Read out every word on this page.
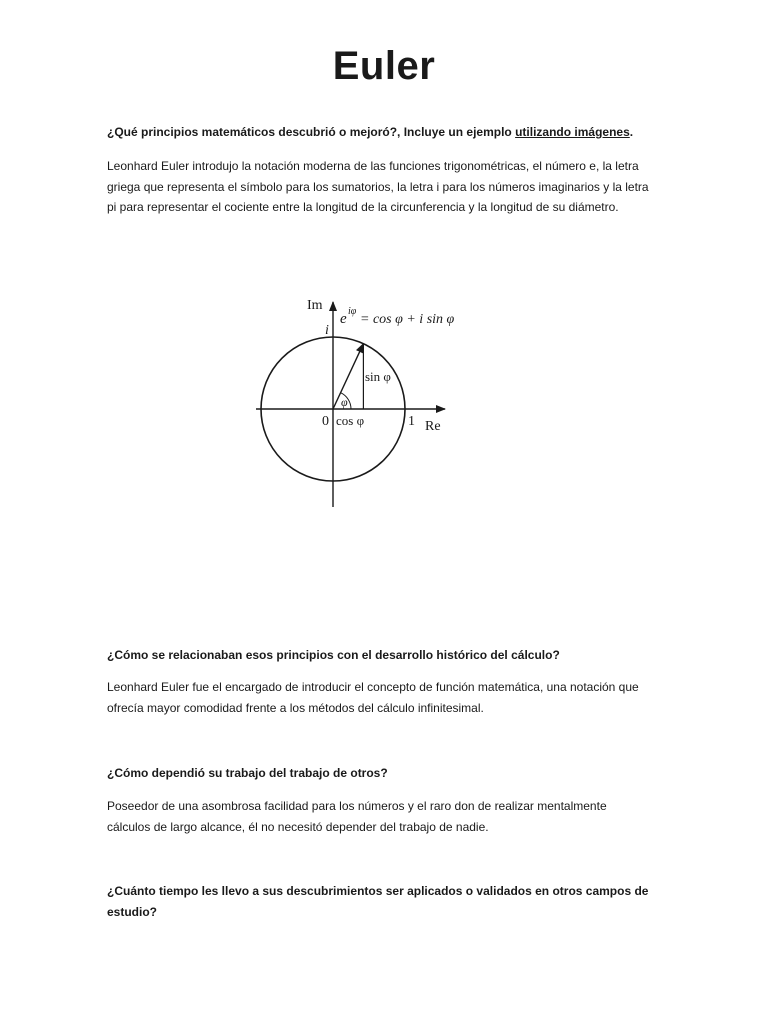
Euler

¿Qué principios matemáticos descubrió o mejoró?, Incluye un ejemplo utilizando imágenes.

Leonhard Euler introdujo la notación moderna de las funciones trigonométricas, el número e, la letra griega que representa el símbolo para los sumatorios, la letra i para los números imaginarios y la letra pi para representar el cociente entre la longitud de la circunferencia y la longitud de su diámetro.

e iφ
= cos φ + i sin φ
Im
i
sin φ
φ
0 cos φ	1 Re

¿Cómo se relacionaban esos principios con el desarrollo histórico del cálculo?

Leonhard Euler fue el encargado de introducir el concepto de función matemática, una notación que ofrecía mayor comodidad frente a los métodos del cálculo infinitesimal.

¿Cómo dependió su trabajo del trabajo de otros?

Poseedor de una asombrosa facilidad para los números y el raro don de realizar mentalmente cálculos de largo alcance, él no necesitó depender del trabajo de nadie.

¿Cuánto tiempo les llevo a sus descubrimientos ser aplicados o validados en otros campos de estudio?
